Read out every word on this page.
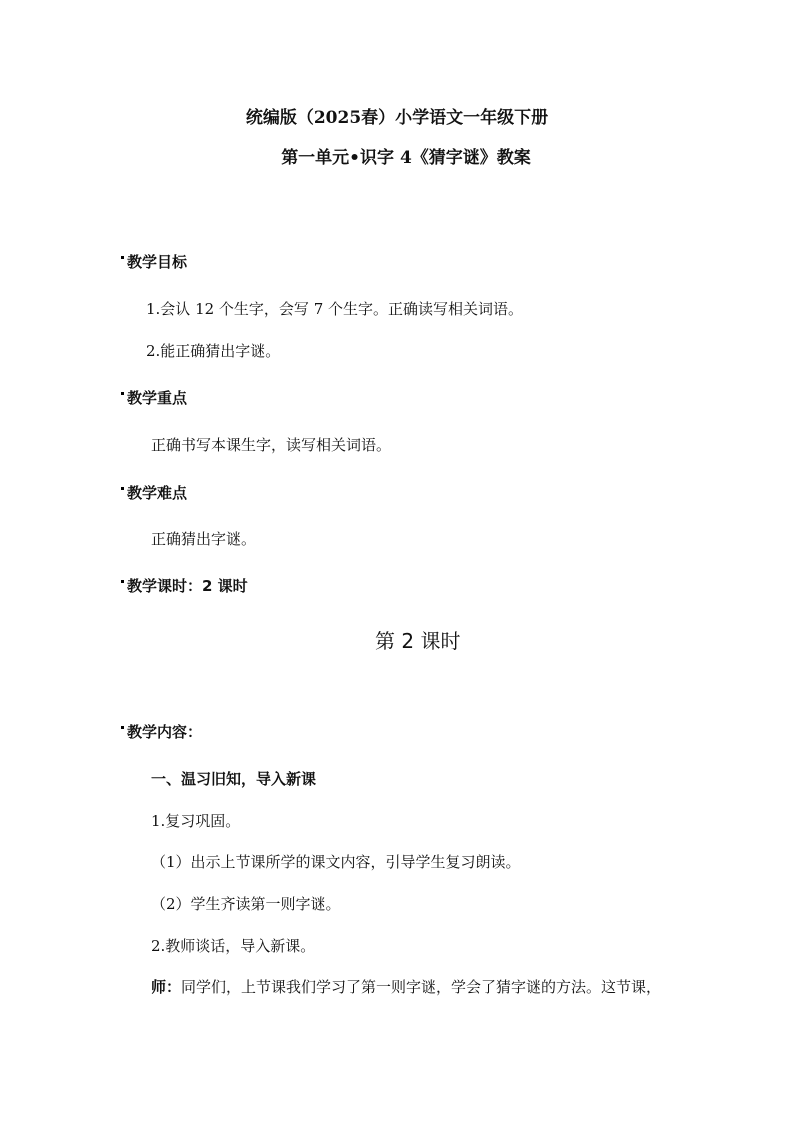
统编版（2025春）小学语文一年级下册
第一单元•识字 4《猜字谜》教案
教学目标
1.会认 12 个生字，会写 7 个生字。正确读写相关词语。
2.能正确猜出字谜。
教学重点
正确书写本课生字，读写相关词语。
教学难点
正确猜出字谜。
教学课时：2 课时
第 2 课时
教学内容：
一、温习旧知，导入新课
1.复习巩固。
（1）出示上节课所学的课文内容，引导学生复习朗读。
（2）学生齐读第一则字谜。
2.教师谈话，导入新课。
师：同学们，上节课我们学习了第一则字谜，学会了猜字谜的方法。这节课，
